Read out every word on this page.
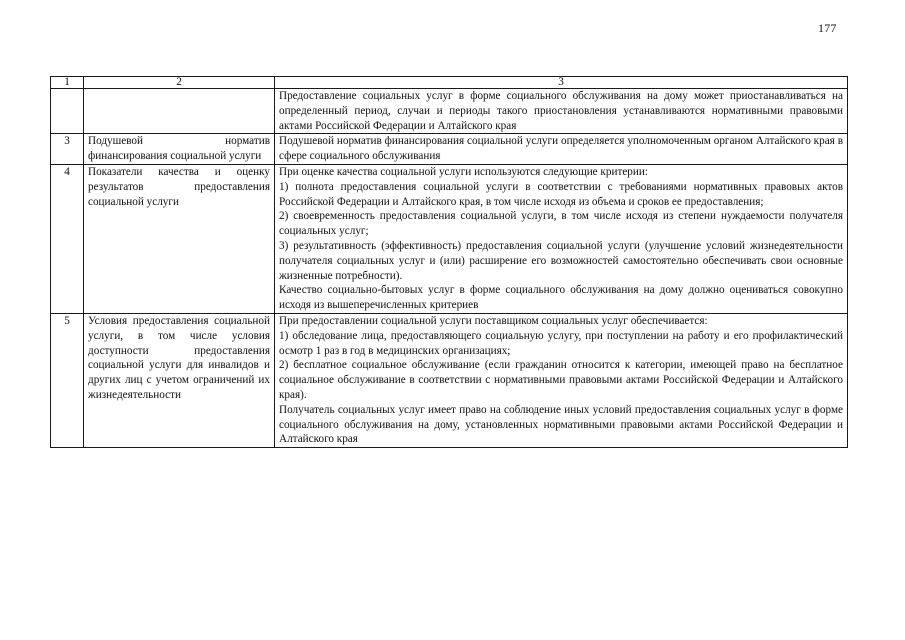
177
1	2	3

		Предоставление социальных услуг в форме социального обслуживания на дому может приостанавливаться на определенный период, случаи и периоды такого приостановления устанавливаются нормативными правовыми актами Российской Федерации и Алтайского края

3	Подушевой норматив финансирования социальной услуги	Подушевой норматив финансирования социальной услуги определяется уполномоченным органом Алтайского края в сфере социального обслуживания

4	Показатели качества и оценку результатов предоставления социальной услуги	При оценке качества социальной услуги используются следующие критерии:
1) полнота предоставления социальной услуги в соответствии с требованиями нормативных правовых актов Российской Федерации и Алтайского края, в том числе исходя из объема и сроков ее предоставления;
2) своевременность предоставления социальной услуги, в том числе исходя из степени нуждаемости получателя социальных услуг;
3) результативность (эффективность) предоставления социальной услуги (улучшение условий жизнедеятельности получателя социальных услуг и (или) расширение его возможностей самостоятельно обеспечивать свои основные жизненные потребности).
Качество социально-бытовых услуг в форме социального обслуживания на дому должно оцениваться совокупно исходя из вышеперечисленных критериев

5	Условия предоставления социальной услуги, в том числе условия доступности предоставления социальной услуги для инвалидов и других лиц с учетом ограничений их жизнедеятельности	При предоставлении социальной услуги поставщиком социальных услуг обеспечивается:
1) обследование лица, предоставляющего социальную услугу, при поступлении на работу и его профилактический осмотр 1 раз в год в медицинских организациях;
2) бесплатное социальное обслуживание (если гражданин относится к категории, имеющей право на бесплатное социальное обслуживание в соответствии с нормативными правовыми актами Российской Федерации и Алтайского края).
Получатель социальных услуг имеет право на соблюдение иных условий предоставления социальных услуг в форме социального обслуживания на дому, установленных нормативными правовыми актами Российской Федерации и Алтайского края
